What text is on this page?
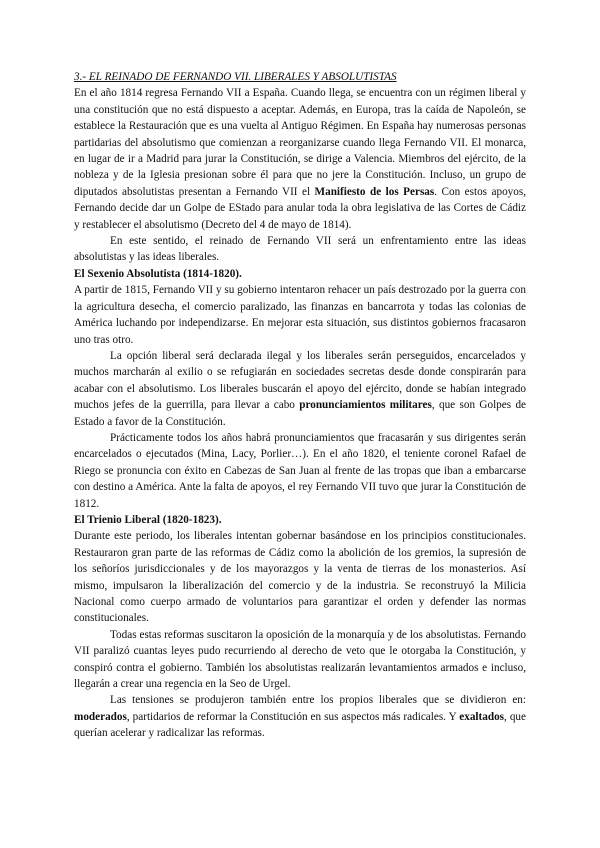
3.- EL REINADO DE FERNANDO VII. LIBERALES Y ABSOLUTISTAS

En el año 1814 regresa Fernando VII a España. Cuando llega, se encuentra con un régimen liberal y una constitución que no está dispuesto a aceptar. Además, en Europa, tras la caída de Napoleón, se establece la Restauración que es una vuelta al Antiguo Régimen. En España hay numerosas personas partidarias del absolutismo que comienzan a reorganizarse cuando llega Fernando VII. El monarca, en lugar de ir a Madrid para jurar la Constitución, se dirige a Valencia. Miembros del ejército, de la nobleza y de la Iglesia presionan sobre él para que no jere la Constitución. Incluso, un grupo de diputados absolutistas presentan a Fernando VII el Manifiesto de los Persas. Con estos apoyos, Fernando decide dar un Golpe de EStado para anular toda la obra legislativa de las Cortes de Cádiz y restablecer el absolutismo (Decreto del 4 de mayo de 1814).

En este sentido, el reinado de Fernando VII será un enfrentamiento entre las ideas absolutistas y las ideas liberales.

El Sexenio Absolutista (1814-1820).

A partir de 1815, Fernando VII y su gobierno intentaron rehacer un país destrozado por la guerra con la agricultura desecha, el comercio paralizado, las finanzas en bancarrota y todas las colonias de América luchando por independizarse. En mejorar esta situación, sus distintos gobiernos fracasaron uno tras otro.

La opción liberal será declarada ilegal y los liberales serán perseguidos, encarcelados y muchos marcharán al exilio o se refugiarán en sociedades secretas desde donde conspirarán para acabar con el absolutismo. Los liberales buscarán el apoyo del ejército, donde se habían integrado muchos jefes de la guerrilla, para llevar a cabo pronunciamientos militares, que son Golpes de Estado a favor de la Constitución.

Prácticamente todos los años habrá pronunciamientos que fracasarán y sus dirigentes serán encarcelados o ejecutados (Mina, Lacy, Porlier…). En el año 1820, el teniente coronel Rafael de Riego se pronuncia con éxito en Cabezas de San Juan al frente de las tropas que iban a embarcarse con destino a América. Ante la falta de apoyos, el rey Fernando VII tuvo que jurar la Constitución de 1812.

El Trienio Liberal (1820-1823).

Durante este periodo, los liberales intentan gobernar basándose en los principios constitucionales. Restauraron gran parte de las reformas de Cádiz como la abolición de los gremios, la supresión de los señoríos jurisdiccionales y de los mayorazgos y la venta de tierras de los monasterios. Así mismo, impulsaron la liberalización del comercio y de la industria. Se reconstruyó la Milicia Nacional como cuerpo armado de voluntarios para garantizar el orden y defender las normas constitucionales.

Todas estas reformas suscitaron la oposición de la monarquía y de los absolutistas. Fernando VII paralizó cuantas leyes pudo recurriendo al derecho de veto que le otorgaba la Constitución, y conspiró contra el gobierno. También los absolutistas realizarán levantamientos armados e incluso, llegarán a crear una regencia en la Seo de Urgel.

Las tensiones se produjeron también entre los propios liberales que se dividieron en: moderados, partidarios de reformar la Constitución en sus aspectos más radicales. Y exaltados, que querían acelerar y radicalizar las reformas.
